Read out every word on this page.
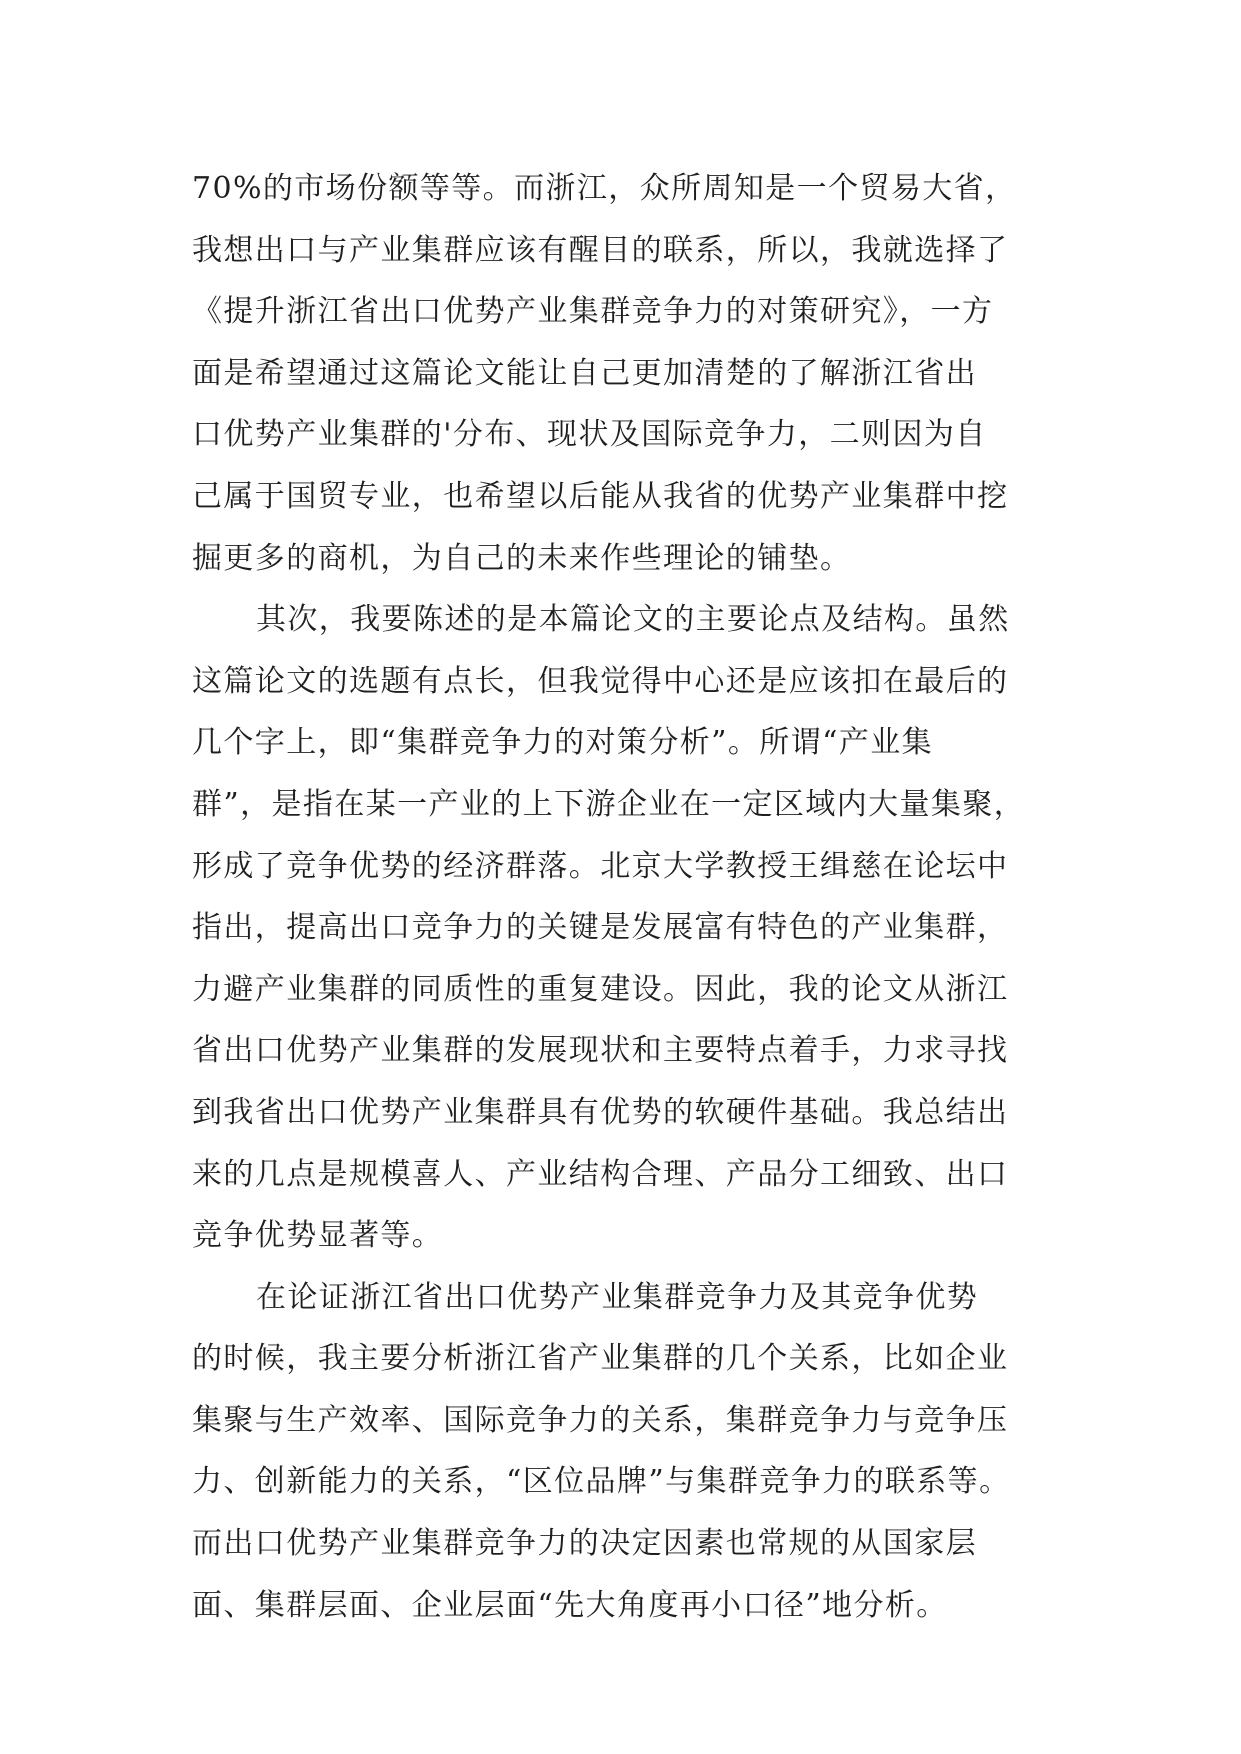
70%的市场份额等等。而浙江，众所周知是一个贸易大省，
我想出口与产业集群应该有醒目的联系，所以，我就选择了
《提升浙江省出口优势产业集群竞争力的对策研究》，一方
面是希望通过这篇论文能让自己更加清楚的了解浙江省出
口优势产业集群的'分布、现状及国际竞争力，二则因为自
己属于国贸专业，也希望以后能从我省的优势产业集群中挖
掘更多的商机，为自己的未来作些理论的铺垫。
其次，我要陈述的是本篇论文的主要论点及结构。虽然
这篇论文的选题有点长，但我觉得中心还是应该扣在最后的
几个字上，即“集群竞争力的对策分析”。所谓“产业集
群”，是指在某一产业的上下游企业在一定区域内大量集聚，
形成了竞争优势的经济群落。北京大学教授王缉慈在论坛中
指出，提高出口竞争力的关键是发展富有特色的产业集群，
力避产业集群的同质性的重复建设。因此，我的论文从浙江
省出口优势产业集群的发展现状和主要特点着手，力求寻找
到我省出口优势产业集群具有优势的软硬件基础。我总结出
来的几点是规模喜人、产业结构合理、产品分工细致、出口
竞争优势显著等。
在论证浙江省出口优势产业集群竞争力及其竞争优势
的时候，我主要分析浙江省产业集群的几个关系，比如企业
集聚与生产效率、国际竞争力的关系，集群竞争力与竞争压
力、创新能力的关系，“区位品牌”与集群竞争力的联系等。
而出口优势产业集群竞争力的决定因素也常规的从国家层
面、集群层面、企业层面“先大角度再小口径”地分析。
